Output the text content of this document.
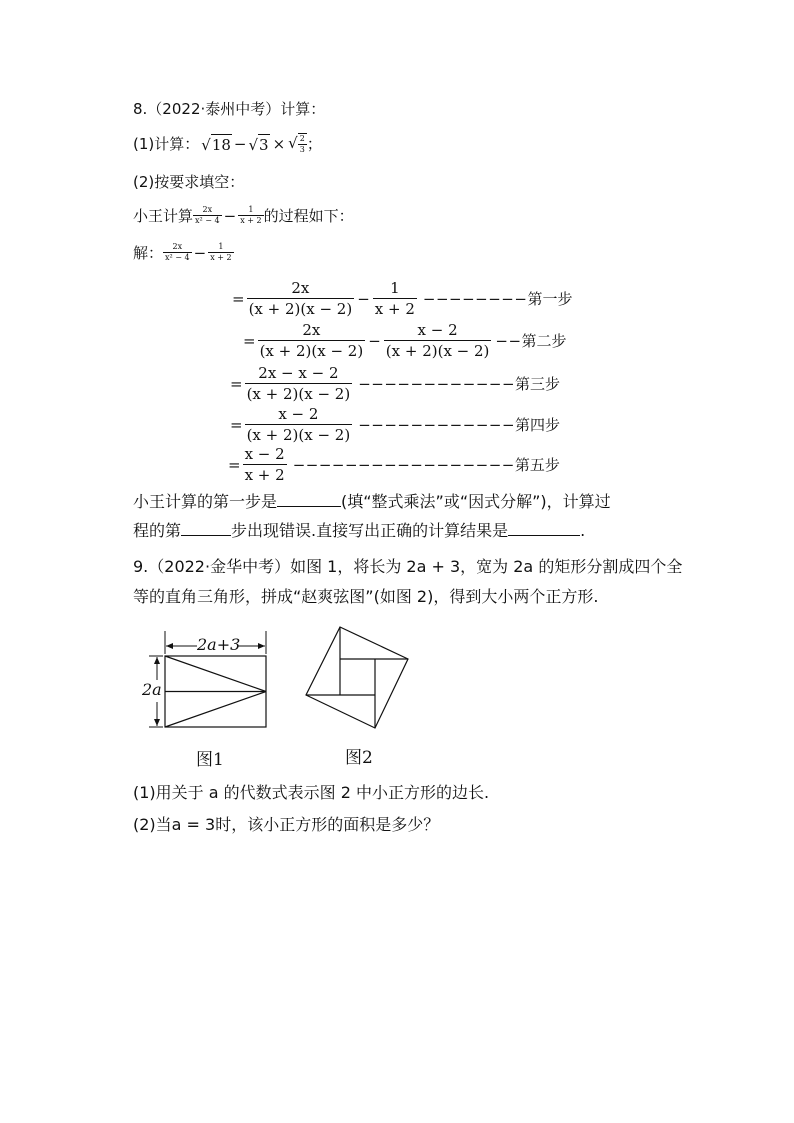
8.（2022·泰州中考）计算：
(1)计算： √18 − √3 × √ $\frac{2}{3}$ ；
(2)按要求填空：
小王计算 $\frac{2x}{\text{x² − 4}} - \frac{1}{x + 2}$ 的过程如下：
解： $\frac{2x}{\text{x² − 4}} - \frac{1}{x + 2}$
= $\frac{2x}{(x + 2)(x - 2)} - \frac{1}{x + 2}$ −−−−−−−− 第一步
= $\frac{2x}{(x + 2)(x - 2)} - \frac{x - 2}{(x + 2)(x - 2)}$ −− 第二步
= $\frac{2x - x - 2}{(x + 2)(x - 2)}$ −−−−−−−−−−−− 第三步
= $\frac{x - 2}{(x + 2)(x - 2)}$ −−−−−−−−−−−− 第四步
= $\frac{x - 2}{x + 2}$ −−−−−−−−−−−−−−−−− 第五步
小王计算的第一步是	(填“整式乘法”或“因式分解”)，计算过
程的第	步出现错误.直接写出正确的计算结果是	.
9.（2022·金华中考）如图 1，将长为 2a + 3，宽为 2a 的矩形分割成四个全
等的直角三角形，拼成“赵爽弦图”(如图 2)，得到大小两个正方形.
2a+3
2a
图1	图2
(1)用关于 a 的代数式表示图 2 中小正方形的边长.
(2)当a = 3时，该小正方形的面积是多少？
